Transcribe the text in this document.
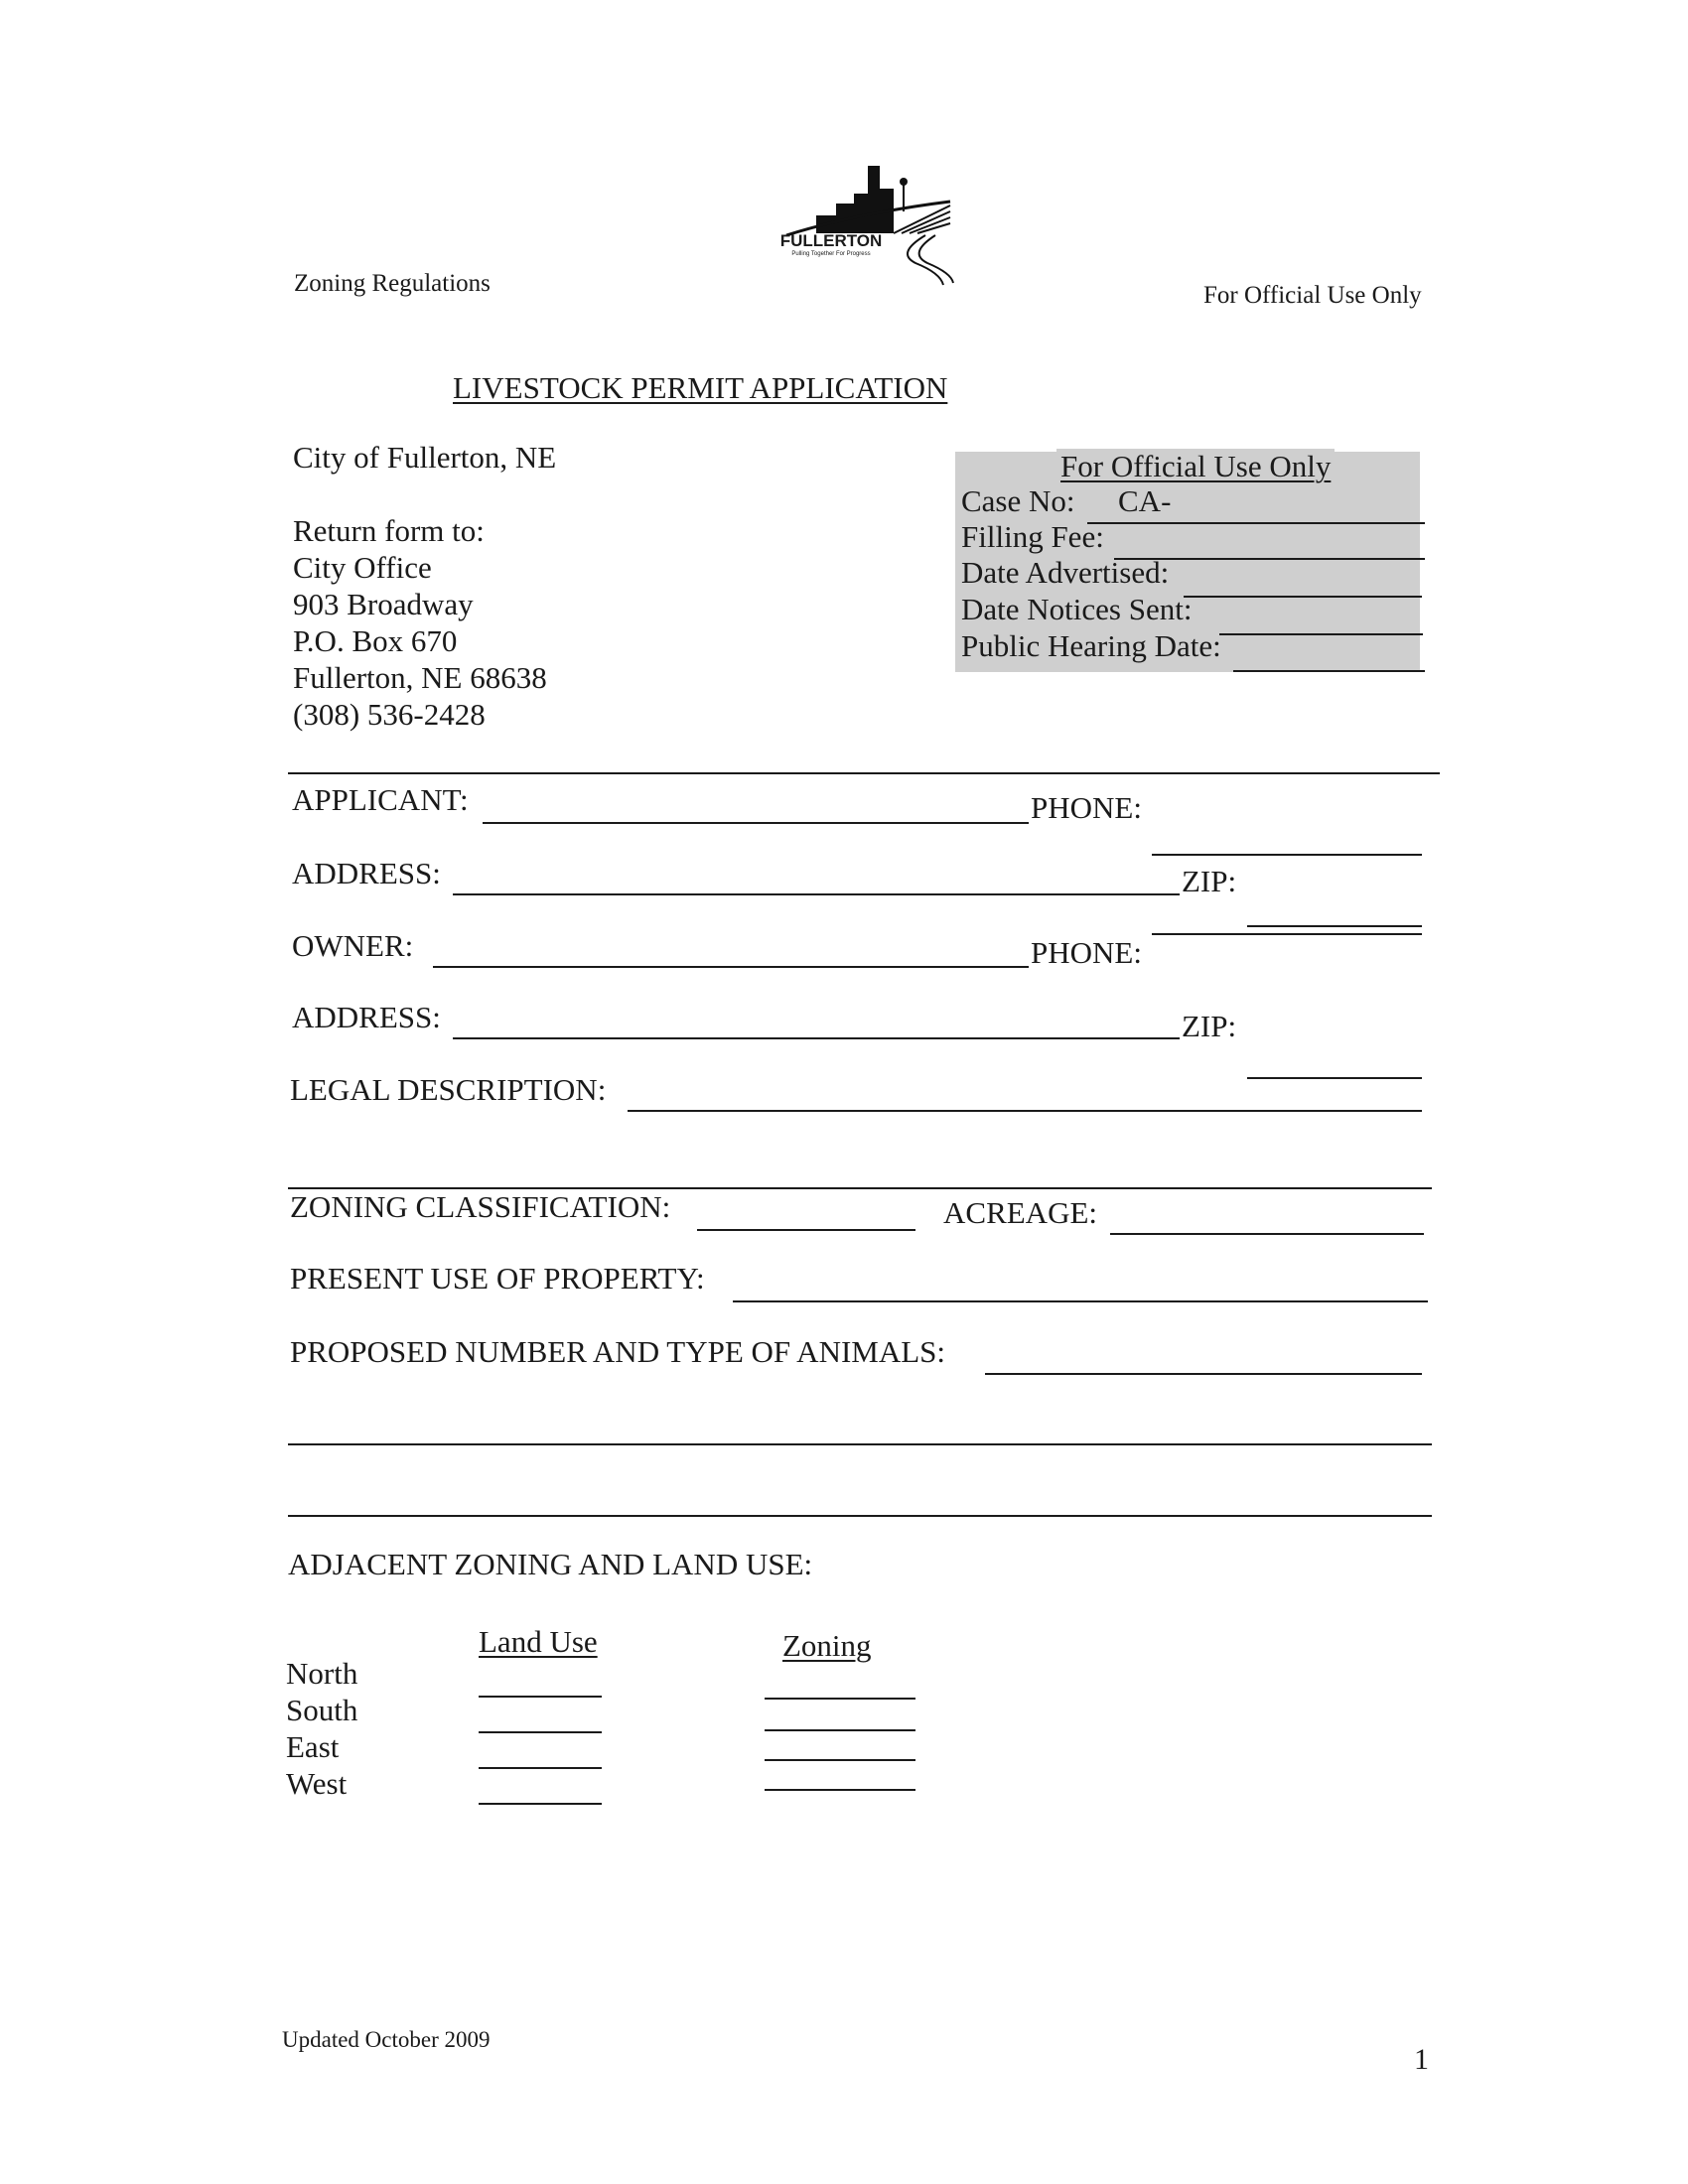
FULLERTON
Pulling Together For Progress
Zoning Regulations	For Official Use Only
LIVESTOCK PERMIT APPLICATION
City of Fullerton, NE
Return form to:
City Office
903 Broadway
P.O. Box 670
Fullerton, NE 68638
(308) 536-2428
For Official Use Only
Case No: CA-
Filling Fee:
Date Advertised:
Date Notices Sent:
Public Hearing Date:
APPLICANT:	PHONE:
ADDRESS:	ZIP:
OWNER:	PHONE:
ADDRESS:	ZIP:
LEGAL DESCRIPTION:
ZONING CLASSIFICATION:	ACREAGE:
PRESENT USE OF PROPERTY:
PROPOSED NUMBER AND TYPE OF ANIMALS:
ADJACENT ZONING AND LAND USE:
Land Use	Zoning
North
South
East
West
Updated October 2009
1
